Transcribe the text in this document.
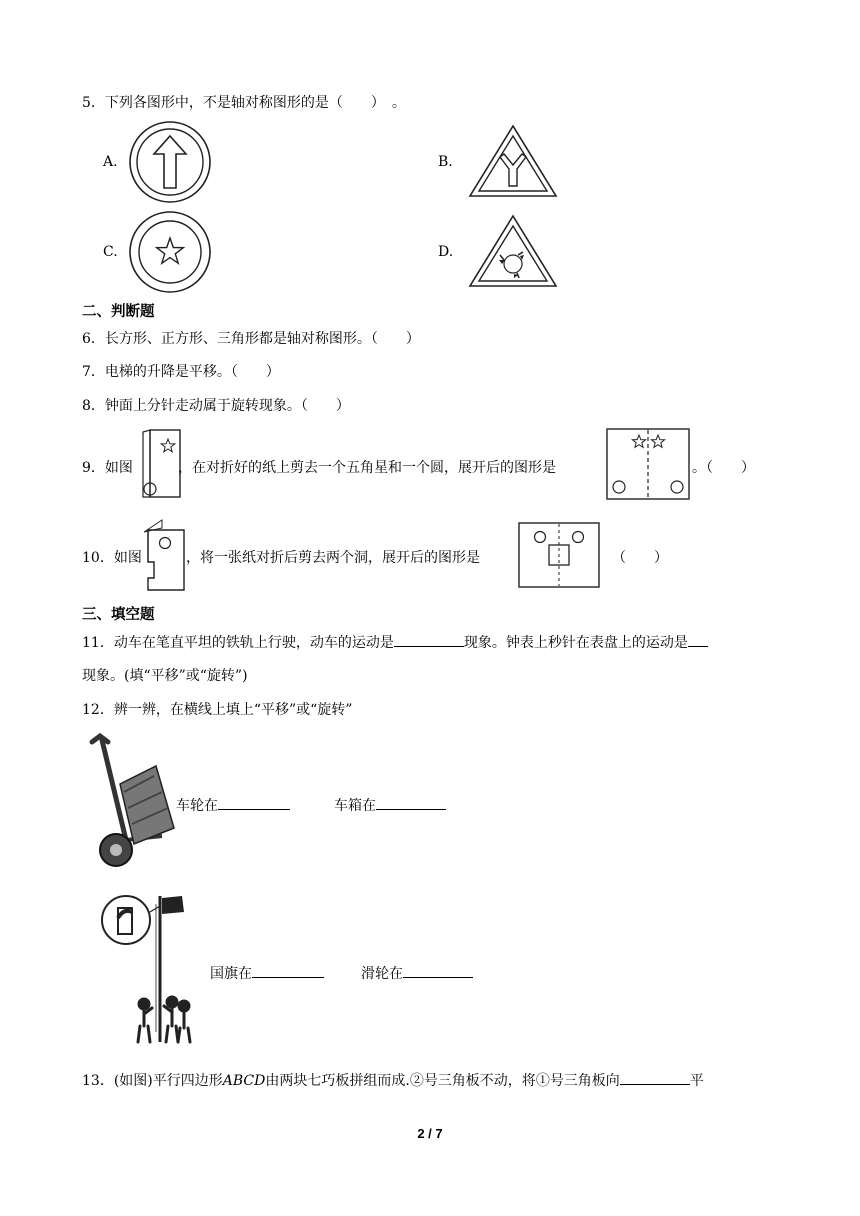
5．下列各图形中，不是轴对称图形的是（　　）　。
A.	B.
C.	D.
二、判断题
6．长方形、正方形、三角形都是轴对称图形。（　　）
7．电梯的升降是平移。（　　）
8．钟面上分针走动属于旋转现象。（　　）
9．如图	，在对折好的纸上剪去一个五角星和一个圆，展开后的图形是	。（　　）
10．如图	，将一张纸对折后剪去两个洞，展开后的图形是	（　　）
三、填空题
11．动车在笔直平坦的铁轨上行驶，动车的运动是	现象。钟表上秒针在表盘上的运动是
现象。(填“平移”或“旋转”)
12．辨一辨，在横线上填上“平移”或“旋转”
车轮在	车箱在
国旗在	滑轮在
13．(如图)平行四边形ABCD由两块七巧板拼组而成.②号三角板不动，将①号三角板向	平
2 / 7
